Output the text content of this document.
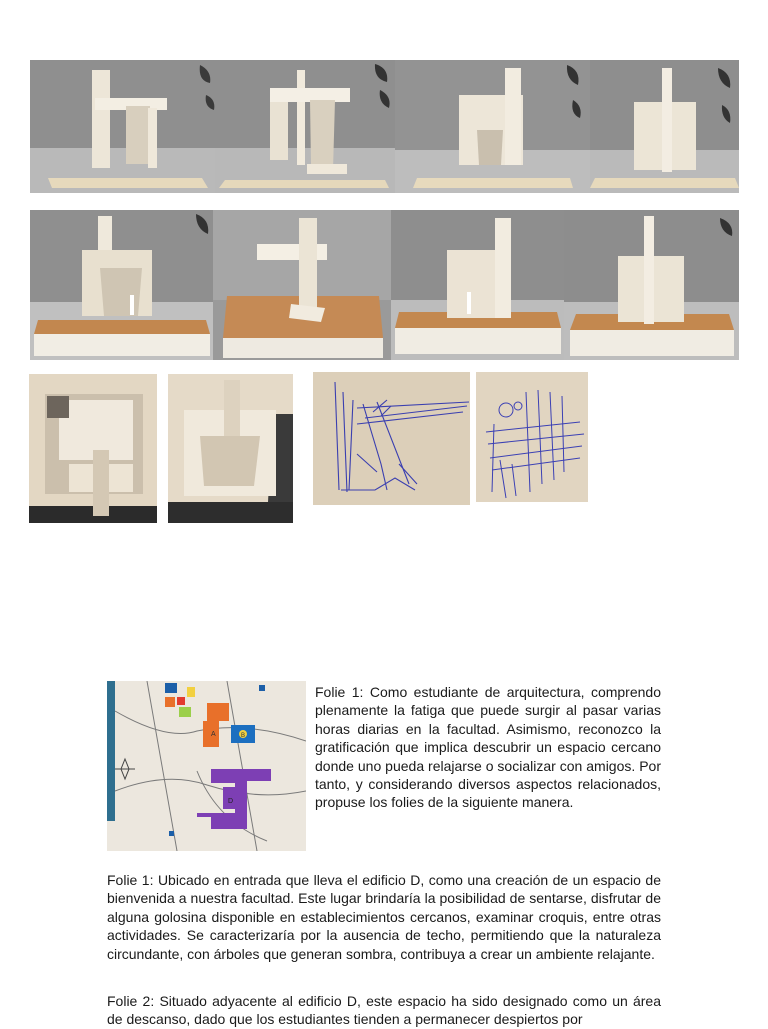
A	B
D

Folie 1: Como estudiante de arquitectura, comprendo plenamente la fatiga que puede surgir al pasar varias horas diarias en la facultad. Asimismo, reconozco la gratificación que implica descubrir un espacio cercano donde uno pueda relajarse o socializar con amigos. Por tanto, y considerando diversos aspectos relacionados, propuse los folies de la siguiente manera.

Folie 1: Ubicado en entrada que lleva el edificio D, como una creación de un espacio de bienvenida a nuestra facultad. Este lugar brindaría la posibilidad de sentarse, disfrutar de alguna golosina disponible en establecimientos cercanos, examinar croquis, entre otras actividades. Se caracterizaría por la ausencia de techo, permitiendo que la naturaleza circundante, con árboles que generan sombra, contribuya a crear un ambiente relajante.

Folie 2: Situado adyacente al edificio D, este espacio ha sido designado como un área de descanso, dado que los estudiantes tienden a permanecer despiertos por
